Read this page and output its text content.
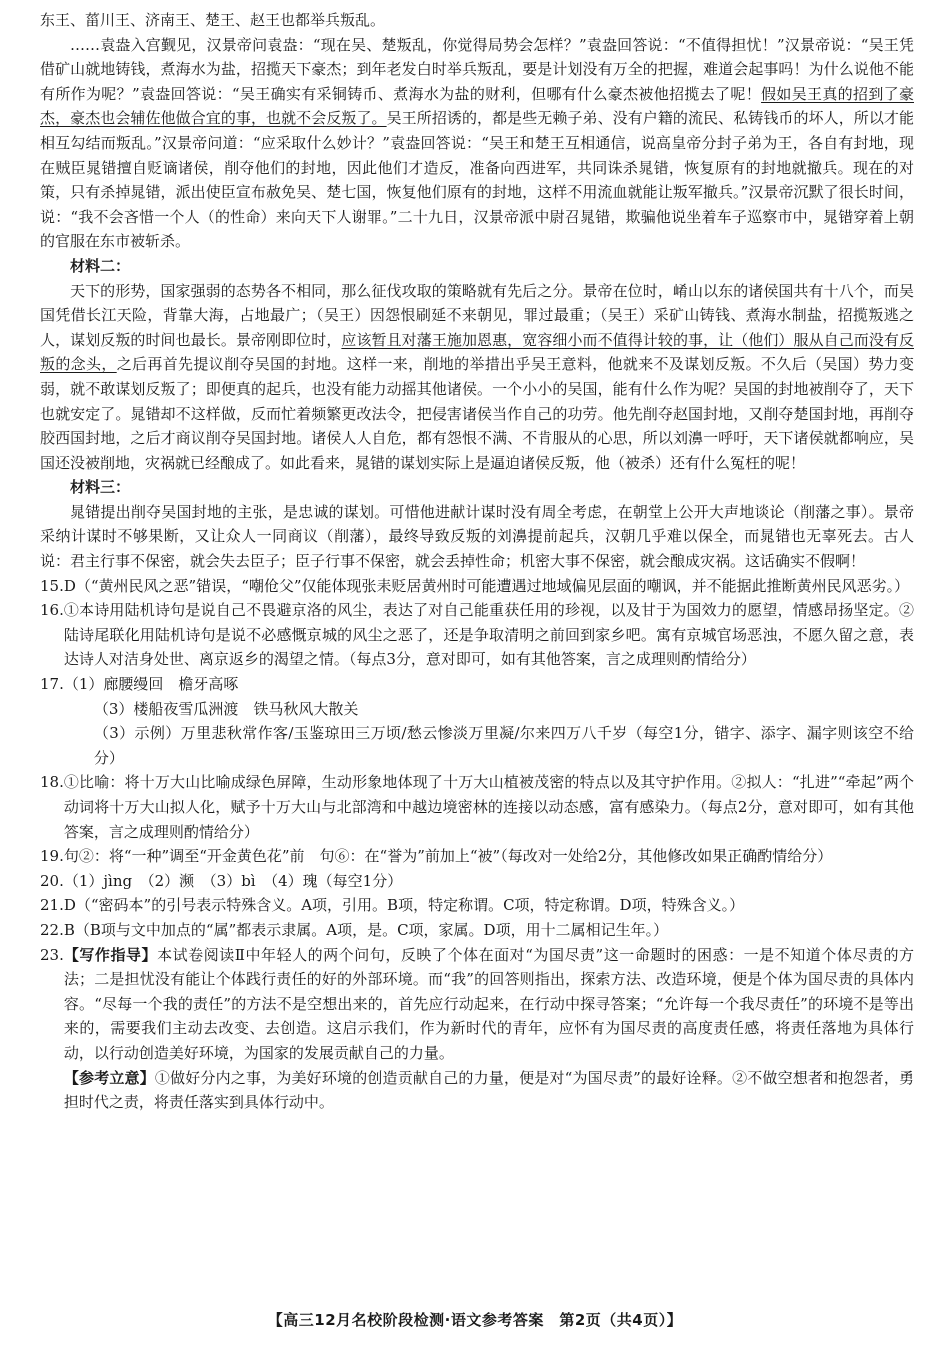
东王、菑川王、济南王、楚王、赵王也都举兵叛乱。

……袁盎入宫觐见，汉景帝问袁盎：“现在吴、楚叛乱，你觉得局势会怎样？”袁盎回答说：“不值得担忧！”汉景帝说：“吴王凭借矿山就地铸钱，煮海水为盐，招揽天下豪杰；到年老发白时举兵叛乱，要是计划没有万全的把握，难道会起事吗！为什么说他不能有所作为呢？”袁盎回答说：“吴王确实有采铜铸币、煮海水为盐的财利，但哪有什么豪杰被他招揽去了呢！假如吴王真的招到了豪杰，豪杰也会辅佐他做合宜的事，也就不会反叛了。吴王所招诱的，都是些无赖子弟、没有户籍的流民、私铸钱币的坏人，所以才能相互勾结而叛乱。”汉景帝问道：“应采取什么妙计？”袁盎回答说：“吴王和楚王互相通信，说高皇帝分封子弟为王，各自有封地，现在贼臣晁错擅自贬谪诸侯，削夺他们的封地，因此他们才造反，准备向西进军，共同诛杀晁错，恢复原有的封地就撤兵。现在的对策，只有杀掉晁错，派出使臣宣布赦免吴、楚七国，恢复他们原有的封地，这样不用流血就能让叛军撤兵。”汉景帝沉默了很长时间，说：“我不会吝惜一个人（的性命）来向天下人谢罪。”二十九日，汉景帝派中尉召晁错，欺骗他说坐着车子巡察市中，晁错穿着上朝的官服在东市被斩杀。

材料二：

天下的形势，国家强弱的态势各不相同，那么征伐攻取的策略就有先后之分。景帝在位时，崤山以东的诸侯国共有十八个，而吴国凭借长江天险，背靠大海，占地最广；（吴王）因怨恨刷延不来朝见，罪过最重；（吴王）采矿山铸钱、煮海水制盐，招揽叛逃之人，谋划反叛的时间也最长。景帝刚即位时，应该暂且对藩王施加恩惠，宽容细小而不值得计较的事，让（他们）服从自己而没有反叛的念头，之后再首先提议削夺吴国的封地。这样一来，削地的举措出乎吴王意料，他就来不及谋划反叛。不久后（吴国）势力变弱，就不敢谋划反叛了；即便真的起兵，也没有能力动摇其他诸侯。一个小小的吴国，能有什么作为呢？吴国的封地被削夺了，天下也就安定了。晁错却不这样做，反而忙着频繁更改法令，把侵害诸侯当作自己的功劳。他先削夺赵国封地，又削夺楚国封地，再削夺胶西国封地，之后才商议削夺吴国封地。诸侯人人自危，都有怨恨不满、不肯服从的心思，所以刘濞一呼吁，天下诸侯就都响应，吴国还没被削地，灾祸就已经酿成了。如此看来，晁错的谋划实际上是逼迫诸侯反叛，他（被杀）还有什么冤枉的呢！

材料三：

晁错提出削夺吴国封地的主张，是忠诚的谋划。可惜他进献计谋时没有周全考虑，在朝堂上公开大声地谈论（削藩之事）。景帝采纳计谋时不够果断，又让众人一同商议（削藩），最终导致反叛的刘濞提前起兵，汉朝几乎难以保全，而晁错也无辜死去。古人说：君主行事不保密，就会失去臣子；臣子行事不保密，就会丢掉性命；机密大事不保密，就会酿成灾祸。这话确实不假啊！

15. D（“黄州民风之恶”错误，“嘲伧父”仅能体现张耒贬居黄州时可能遭遇过地域偏见层面的嘲讽，并不能据此推断黄州民风恶劣。）
16. ①本诗用陆机诗句是说自己不畏避京洛的风尘，表达了对自己能重获任用的珍视，以及甘于为国效力的愿望，情感昂扬坚定。②陆诗尾联化用陆机诗句是说不必感慨京城的风尘之恶了，还是争取清明之前回到家乡吧。寓有京城官场恶浊，不愿久留之意，表达诗人对洁身处世、离京返乡的渴望之情。（每点3分，意对即可，如有其他答案，言之成理则酌情给分）
17. （1）廊腰缦回　檐牙高啄

（3）楼船夜雪瓜洲渡　铁马秋风大散关

（3）示例）万里悲秋常作客/玉鉴琼田三万顷/愁云惨淡万里凝/尔来四万八千岁（每空1分，错字、添字、漏字则该空不给分）

18. ①比喻：将十万大山比喻成绿色屏障，生动形象地体现了十万大山植被茂密的特点以及其守护作用。②拟人：“扎进”“牵起”两个动词将十万大山拟人化，赋予十万大山与北部湾和中越边境密林的连接以动态感，富有感染力。（每点2分，意对即可，如有其他答案，言之成理则酌情给分）
19. 句②：将“一种”调至“开金黄色花”前　句⑥：在“誉为”前加上“被”（每改对一处给2分，其他修改如果正确酌情给分）
20. （1）jìng　（2）濒　（3）bì　（4）瑰（每空1分）
21. D（“密码本”的引号表示特殊含义。A项，引用。B项，特定称谓。C项，特定称谓。D项，特殊含义。）
22. B（B项与文中加点的“属”都表示隶属。A项，是。C项，家属。D项，用十二属相记生年。）
23. 【写作指导】本试卷阅读Ⅱ中年轻人的两个问句，反映了个体在面对“为国尽责”这一命题时的困惑：一是不知道个体尽责的方法；二是担忧没有能让个体践行责任的好的外部环境。而“我”的回答则指出，探索方法、改造环境，便是个体为国尽责的具体内容。“尽每一个我的责任”的方法不是空想出来的，首先应行动起来，在行动中探寻答案；“允许每一个我尽责任”的环境不是等出来的，需要我们主动去改变、去创造。这启示我们，作为新时代的青年，应怀有为国尽责的高度责任感，将责任落地为具体行动，以行动创造美好环境，为国家的发展贡献自己的力量。

【参考立意】①做好分内之事，为美好环境的创造贡献自己的力量，便是对“为国尽责”的最好诠释。②不做空想者和抱怨者，勇担时代之责，将责任落实到具体行动中。

【高三12月名校阶段检测·语文参考答案　第2页（共4页）】
